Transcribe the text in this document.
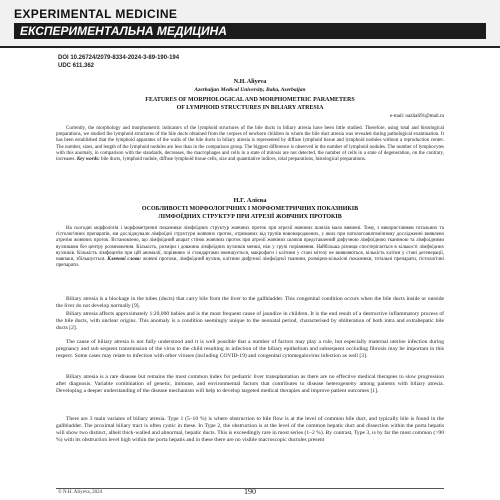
EXPERIMENTAL MEDICINE
ЕКСПЕРИМЕНТАЛЬНА МЕДИЦИНА
DOI 10.26724/2079-8334-2024-3-89-190-194
UDC 611.362
N.H. Aliyeva
Azerbaijan Medical University, Baku, Azerbaijan
FEATURES OF MORPHOLOGICAL AND MORPHOMETRIC PARAMETERS
OF LYMPHOID STRUCTURES IN BILIARY ATRESIA
e-mail: nazliali91@mail.ru
Currently, the morphology and morphometric indicators of the lymphoid structures of the bile ducts in biliary atresia have been little studied. Therefore, using total and histological preparations, we studied the lymphoid structures of the bile ducts obtained from the corpses of newborn children in whom the bile duct atresia was revealed during pathological examination. It has been established that the lymphoid apparatus of the walls of the bile ducts in biliary atresia is represented by diffuse lymphoid tissue and lymphoid nodules without a reproduction center. The number, sizes, and length of the lymphoid nodules are less than in the comparison group. The biggest difference is observed in the number of lymphoid nodules. The number of lymphocytes with this anomaly, in comparison with the standards, decreases, the macrophages and cells in a state of mitosis are not detected, the number of cells in a state of degeneration, on the contrary, increases. Key words: bile ducts, lymphoid nodule, diffuse lymphoid tissue cells, size and quantitative indices, total preparations, histological preparations.
Н.Г. Алієва
ОСОБЛИВОСТІ МОРФОЛОГІЧНИХ І МОРФОМЕТРИЧНИХ ПОКАЗНИКІВ
ЛІМФОЇДНИХ СТРУКТУР ПРИ АТРЕЗІЇ ЖОВЧНИХ ПРОТОКІВ
На сьогодні морфологія і морфометричні показники лімфоїдних структур жовчних проток при атрезії жовчних шляхів мало вивчені. Тому, з використанням тотальних та гістологічних препаратів, ми досліджували лімфоїдні структури жовчних проток, отриманих від трупів новонароджених, у яких при патологоанатомічному дослідженні виявлено атрезію жовчних проток. Встановлено, що лімфоїдний апарат стінок жовчних проток при атрезії жовчних шляхів представлений дифузною лімфоїдною тканиною та лімфоїдними вузликами без центру розмноження. Кількість, розміри і довжина лімфоїдних вузликів менші, ніж у групі порівняння. Найбільша різниця спостерігається в кількості лімфоїдних вузликів. Кількість лімфоцитів при цій аномалії, порівняно зі стандартами зменшується, макрофаги і клітини у стані мітозу не виявляються, кількість клітин у стані дегенерації, навпаки, збільшується. Ключові слова: жовчні протоки, лімфоїдний вузлик, клітини дифузної лімфоїдної тканини, розмірно-кількісні показники, тотальні препарати, гістологічні препарати.
Biliary atresia is a blockage in the tubes (ducts) that carry bile from the liver to the gallbladder. This congenital condition occurs when the bile ducts inside or outside the liver do not develop normally [9].
Biliary atresia affects approximately 1:20,000 babies and is the most frequent cause of jaundice in children. It is the end result of a destructive inflammatory process of the bile ducts, with unclear origins. This anomaly is a condition seemingly unique to the neonatal period, characterised by obliteration of both intra and extrahepatic bile ducts [2].
The cause of biliary atresia is not fully understood and it is well possible that a number of factors may play a role, but especially maternal uterine infection during pregnancy and sub sequent transmission of the virus to the child resulting in infection of the biliary epithelium and subsequent occluding fibrosis may be important in this respect. Some cases may relate to infection with other viruses (including COVID-19) and congenital cytomegalovirus infection as well [3].
Biliary atresia is a rare disease but remains the most common index for pediatric liver transplantation as there are no effective medical therapies to slow progression after diagnosis. Variable combination of genetic, immune, and environmental factors that contributes to disease heterogeneity among patients with biliary atresia. Developing a deeper understanding of the disease mechanism will help to develop targeted medical therapies and improve patient outcomes [1].
There are 3 main variants of biliary atresia. Type 1 (5–10 %) is where obstruction to bile flow is at the level of common bile duct, and typically bile is found in the gallbladder. The proximal biliary tract is often cystic in these. In Type 2, the obstruction is at the level of the common hepatic duct and dissection within the porta hepatis will show two distinct, albeit thick-walled and abnormal, hepatic ducts. This is exceedingly rare in most series (1–2 %). By contrast, Type 3, is by far the most common (>90 %) with its obstruction level high within the porta hepatis and in these there are no visible macroscopic ductules present
© N.H. Aliyeva, 2024	190
